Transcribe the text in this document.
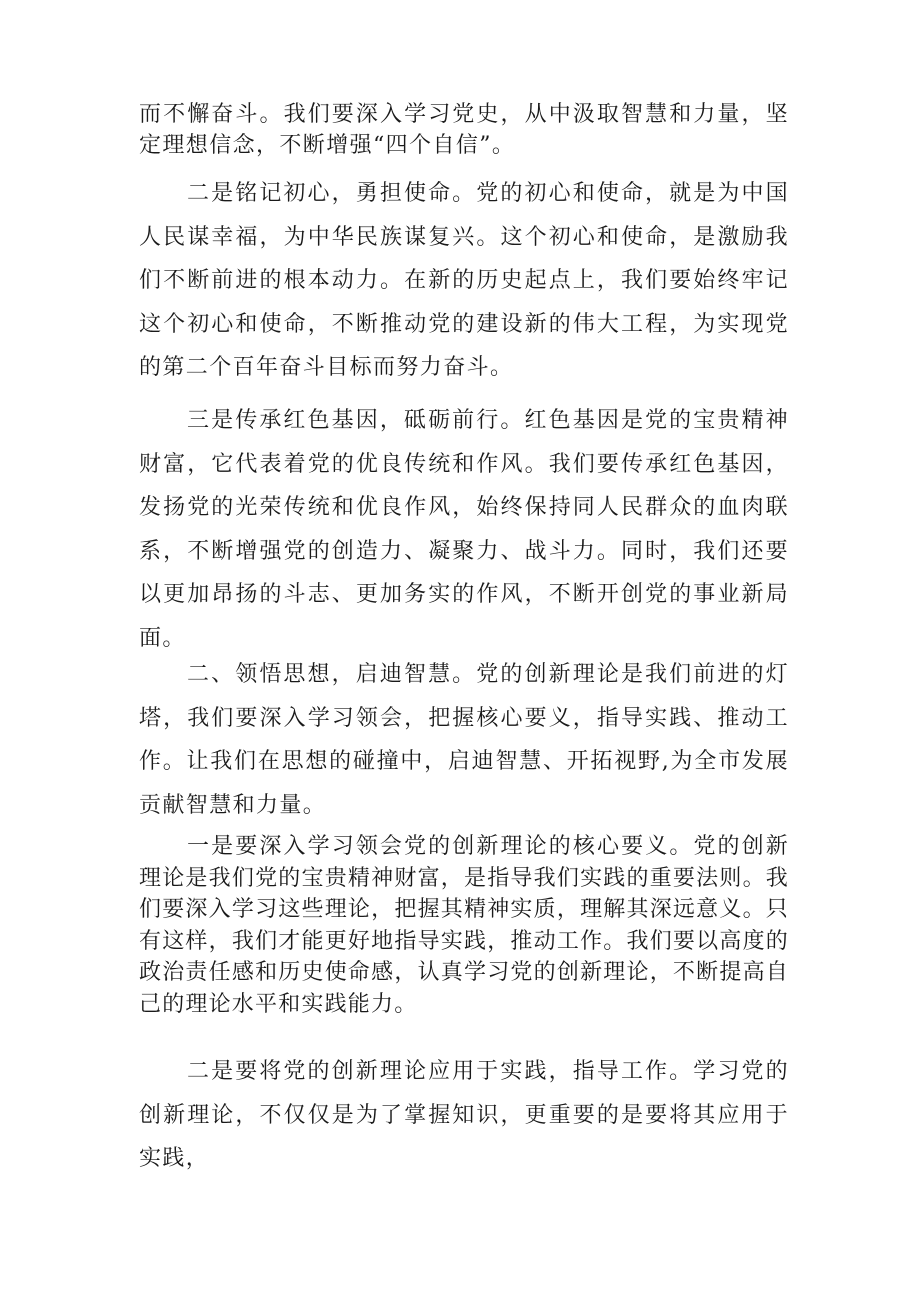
而不懈奋斗。我们要深入学习党史，从中汲取智慧和力量，坚定理想信念，不断增强“四个自信”。

二是铭记初心，勇担使命。党的初心和使命，就是为中国人民谋幸福，为中华民族谋复兴。这个初心和使命，是激励我们不断前进的根本动力。在新的历史起点上，我们要始终牢记这个初心和使命，不断推动党的建设新的伟大工程，为实现党的第二个百年奋斗目标而努力奋斗。

三是传承红色基因，砥砺前行。红色基因是党的宝贵精神财富，它代表着党的优良传统和作风。我们要传承红色基因，发扬党的光荣传统和优良作风，始终保持同人民群众的血肉联系，不断增强党的创造力、凝聚力、战斗力。同时，我们还要以更加昂扬的斗志、更加务实的作风，不断开创党的事业新局面。

二、领悟思想，启迪智慧。党的创新理论是我们前进的灯塔，我们要深入学习领会，把握核心要义，指导实践、推动工作。让我们在思想的碰撞中，启迪智慧、开拓视野,为全市发展贡献智慧和力量。

一是要深入学习领会党的创新理论的核心要义。党的创新理论是我们党的宝贵精神财富，是指导我们实践的重要法则。我们要深入学习这些理论，把握其精神实质，理解其深远意义。只有这样，我们才能更好地指导实践，推动工作。我们要以高度的政治责任感和历史使命感，认真学习党的创新理论，不断提高自己的理论水平和实践能力。

二是要将党的创新理论应用于实践，指导工作。学习党的创新理论，不仅仅是为了掌握知识，更重要的是要将其应用于实践，
